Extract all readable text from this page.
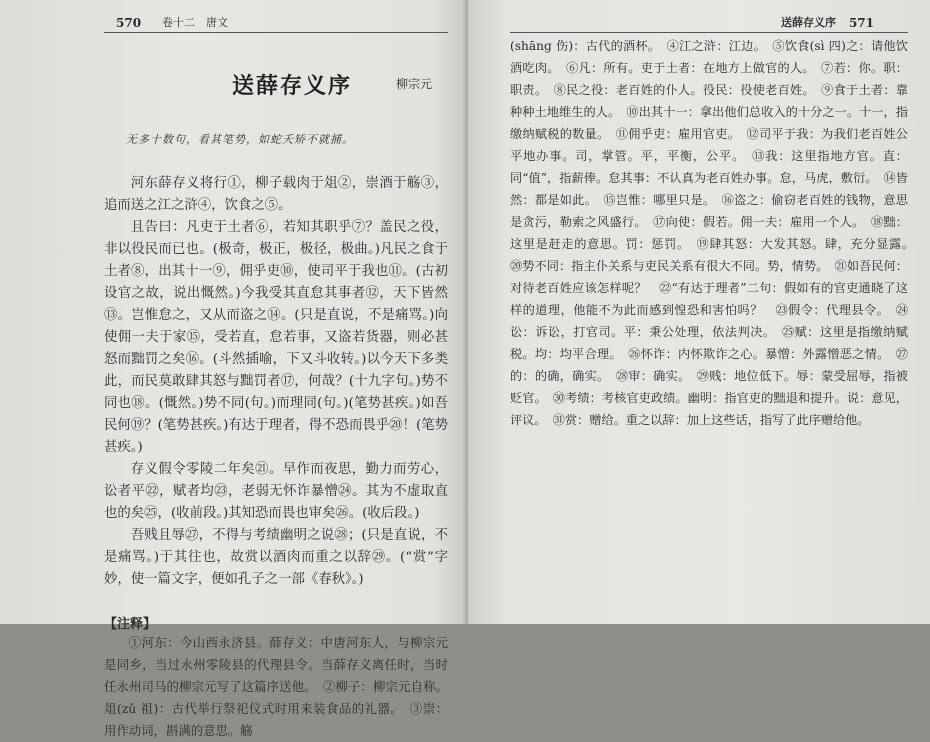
570 卷十二　唐文
送薛存义序	柳宗元
无多十数句，看其笔势，如蛇夭矫不就捕。

河东薛存义将行①，柳子载肉于俎②，崇酒于觞③，追而送之江之浒④，饮食之⑤。

且告曰：凡吏于土者⑥，若知其职乎⑦？盖民之役，非以役民而已也。(极奇，极正，极径，极曲。)凡民之食于土者⑧，出其十一⑨，佣乎吏⑩，使司平于我也⑪。(古初设官之故，说出慨然。)今我受其直怠其事者⑫，天下皆然⑬。岂惟怠之，又从而盗之⑭。(只是直说，不是痛骂。)向使佣一夫于家⑮，受若直，怠若事，又盗若货器，则必甚怒而黜罚之矣⑯。(斗然插喻，下又斗收转。)以今天下多类此，而民莫敢肆其怒与黜罚者⑰，何哉？(十九字句。)势不同也⑱。(慨然。)势不同(句。)而理同(句。)(笔势甚疾。)如吾民何⑲？(笔势甚疾。)有达于理者，得不恐而畏乎⑳！(笔势甚疾。)

存义假令零陵二年矣㉑。早作而夜思，勤力而劳心，讼者平㉒，赋者均㉓，老弱无怀诈暴憎㉔。其为不虚取直也的矣㉕，(收前段。)其知恐而畏也审矣㉖。(收后段。)

吾贱且辱㉗，不得与考绩幽明之说㉘；(只是直说，不是痛骂。)于其往也，故赏以酒肉而重之以辞㉙。(“赏”字妙，使一篇文字，便如孔子之一部《春秋》。)

【注释】

①河东：今山西永济县。薛存义：中唐河东人，与柳宗元是同乡，当过永州零陵县的代理县令。当薛存义离任时，当时任永州司马的柳宗元写了这篇序送他。　②柳子：柳宗元自称。俎(zǔ 祖)：古代举行祭祀仪式时用来装食品的礼器。　③崇：用作动词，斟满的意思。觞

送薛存义序 571

(shāng 伤)：古代的酒杯。　④江之浒：江边。　⑤饮食(sì 四)之：请他饮酒吃肉。　⑥凡：所有。吏于土者：在地方上做官的人。　⑦若：你。职：职责。　⑧民之役：老百姓的仆人。役民：役使老百姓。　⑨食于土者：靠种种土地维生的人。　⑩出其十一：拿出他们总收入的十分之一。十一，指缴纳赋税的数量。　⑪佣乎吏：雇用官吏。　⑫司平于我：为我们老百姓公平地办事。司，掌管。平，平衡，公平。　⑬我：这里指地方官。直：同“值”，指薪俸。怠其事：不认真为老百姓办事。怠，马虎，敷衍。　⑭皆然：都是如此。　⑮岂惟：哪里只是。　⑯盗之：偷窃老百姓的钱物，意思是贪污，勒索之风盛行。　⑰向使：假若。佣一夫：雇用一个人。　⑱黜：这里是赶走的意思。罚：惩罚。　⑲肆其怒：大发其怒。肆，充分显露。　⑳势不同：指主仆关系与吏民关系有很大不同。势，情势。　㉑如吾民何：对待老百姓应该怎样呢？　㉒“有达于理者”二句：假如有的官吏通晓了这样的道理，他能不为此而感到惶恐和害怕吗？　㉓假令：代理县令。　㉔讼：诉讼，打官司。平：秉公处理，依法判决。　㉕赋：这里是指缴纳赋税。均：均平合理。　㉖怀诈：内怀欺诈之心。暴憎：外露憎恶之情。　㉗的：的确，确实。　㉘审：确实。　㉙贱：地位低下。辱：蒙受屈辱，指被贬官。　㉚考绩：考核官吏政绩。幽明：指官吏的黜退和提升。说：意见，评议。　㉛赏：赠给。重之以辞：加上这些话，指写了此序赠给他。
